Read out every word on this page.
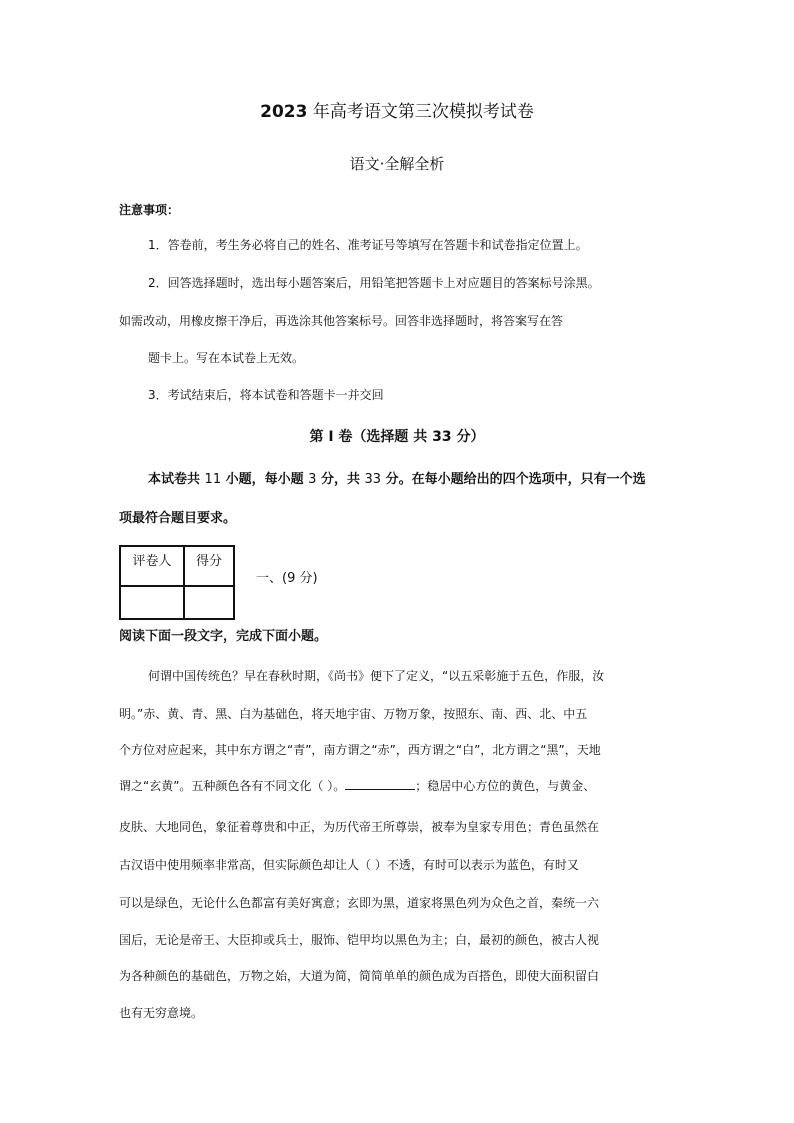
2023 年高考语文第三次模拟考试卷
语文·全解全析
注意事项：
1．答卷前，考生务必将自己的姓名、准考证号等填写在答题卡和试卷指定位置上。
2．回答选择题时，选出每小题答案后，用铅笔把答题卡上对应题目的答案标号涂黑。
如需改动，用橡皮擦干净后，再选涂其他答案标号。回答非选择题时，将答案写在答
题卡上。写在本试卷上无效。
3．考试结束后，将本试卷和答题卡一并交回
第 I 卷（选择题 共 33 分）
本试卷共 11 小题，每小题 3 分，共 33 分。在每小题给出的四个选项中，只有一个选
项最符合题目要求。
评卷人	得分

一、(9 分)
阅读下面一段文字，完成下面小题。
何谓中国传统色？早在春秋时期，《尚书》便下了定义，“以五采彰施于五色，作服，汝
明。”赤、黄、青、黑、白为基础色，将天地宇宙、万物万象，按照东、南、西、北、中五
个方位对应起来，其中东方谓之“青”，南方谓之“赤”，西方谓之“白”，北方谓之“黑”，天地
谓之“玄黄”。五种颜色各有不同文化（ ）。	；稳居中心方位的黄色，与黄金、
皮肤、大地同色，象征着尊贵和中正，为历代帝王所尊崇，被奉为皇家专用色；青色虽然在
古汉语中使用频率非常高，但实际颜色却让人（ ）不透，有时可以表示为蓝色，有时又
可以是绿色，无论什么色都富有美好寓意；玄即为黑，道家将黑色列为众色之首，秦统一六
国后，无论是帝王、大臣抑或兵士，服饰、铠甲均以黑色为主；白，最初的颜色，被古人视
为各种颜色的基础色，万物之始，大道为简，简简单单的颜色成为百搭色，即使大面积留白
也有无穷意境。
